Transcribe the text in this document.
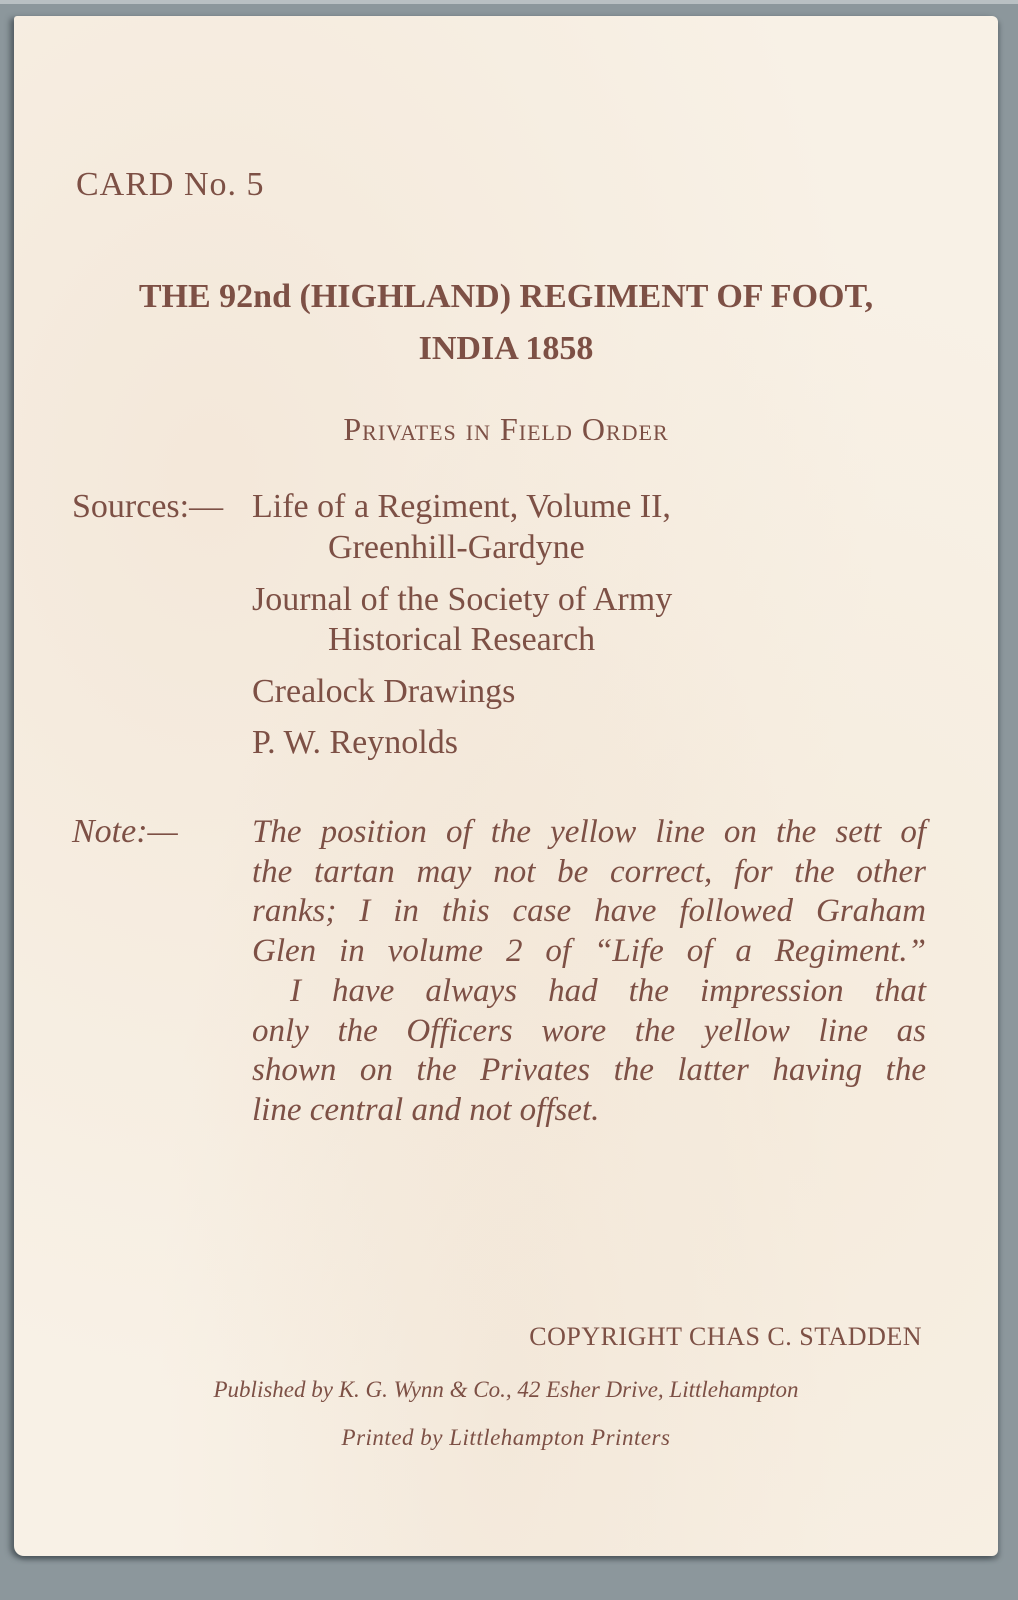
CARD No. 5

THE 92nd (HIGHLAND) REGIMENT OF FOOT,

INDIA 1858

Privates in Field Order

Sources:— Life of a Regiment, Volume II,

Greenhill-Gardyne

Journal of the Society of Army

Historical Research

Crealock Drawings

P. W. Reynolds

Note:— The position of the yellow line on the sett of
the tartan may not be correct, for the other
ranks; I in this case have followed Graham
Glen in volume 2 of “Life of a Regiment.”
I have always had the impression that
only the Officers wore the yellow line as
shown on the Privates the latter having the
line central and not offset.

COPYRIGHT CHAS C. STADDEN

Published by K. G. Wynn & Co., 42 Esher Drive, Littlehampton

Printed by Littlehampton Printers
